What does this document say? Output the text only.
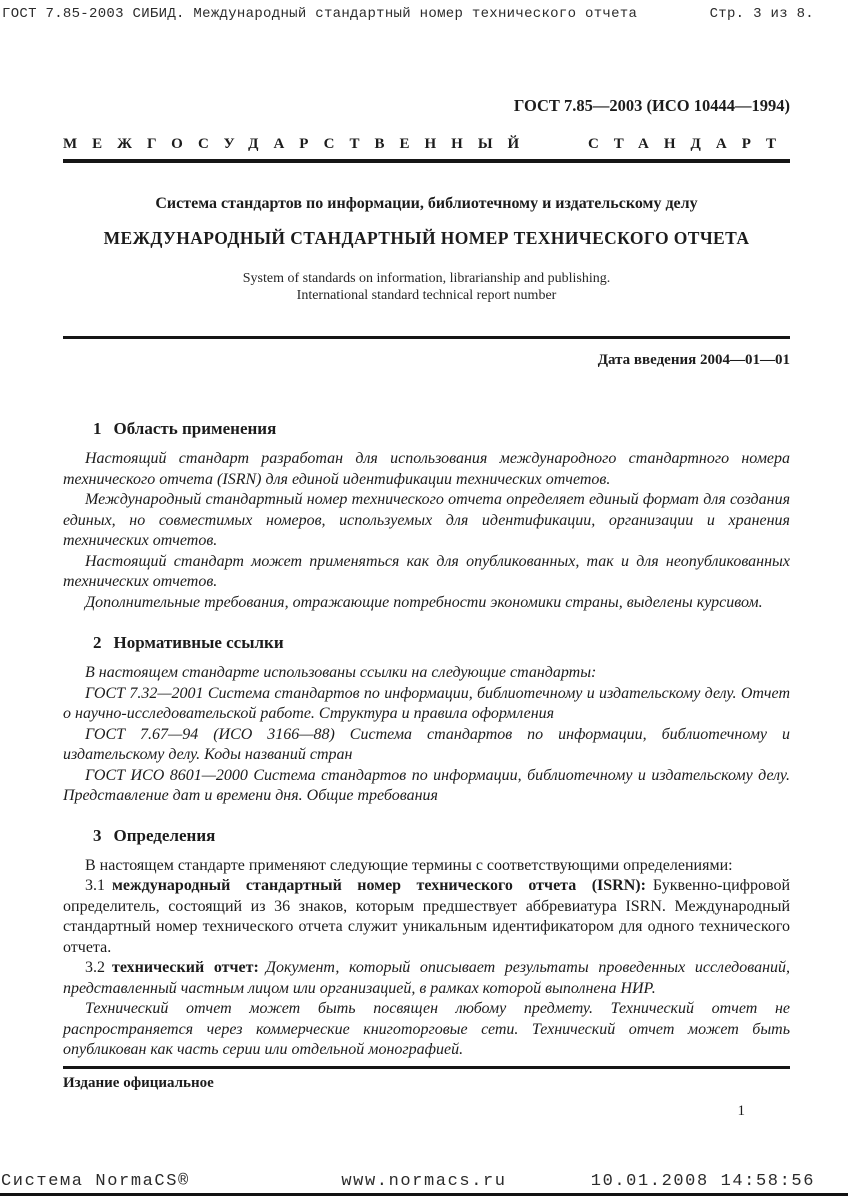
ГОСТ 7.85-2003 СИБИД. Международный стандартный номер технического отчета	Стр. 3 из 8.
ГОСТ 7.85—2003 (ИСО 10444—1994)
МЕЖГОСУДАРСТВЕННЫЙ СТАНДАРТ
Система стандартов по информации, библиотечному и издательскому делу
МЕЖДУНАРОДНЫЙ СТАНДАРТНЫЙ НОМЕР ТЕХНИЧЕСКОГО ОТЧЕТА
System of standards on information, librarianship and publishing.
International standard technical report number
Дата введения 2004—01—01
1 Область применения

Настоящий стандарт разработан для использования международного стандартного номера технического отчета (ISRN) для единой идентификации технических отчетов.

Международный стандартный номер технического отчета определяет единый формат для создания единых, но совместимых номеров, используемых для идентификации, организации и хранения технических отчетов.

Настоящий стандарт может применяться как для опубликованных, так и для неопубликованных технических отчетов.

Дополнительные требования, отражающие потребности экономики страны, выделены курсивом.

2 Нормативные ссылки

В настоящем стандарте использованы ссылки на следующие стандарты:

ГОСТ 7.32—2001 Система стандартов по информации, библиотечному и издательскому делу. Отчет о научно-исследовательской работе. Структура и правила оформления

ГОСТ 7.67—94 (ИСО 3166—88) Система стандартов по информации, библиотечному и издательскому делу. Коды названий стран

ГОСТ ИСО 8601—2000 Система стандартов по информации, библиотечному и издательскому делу. Представление дат и времени дня. Общие требования

3 Определения

В настоящем стандарте применяют следующие термины с соответствующими определениями:

3.1 международный стандартный номер технического отчета (ISRN): Буквенно-цифровой определитель, состоящий из 36 знаков, которым предшествует аббревиатура ISRN. Международный стандартный номер технического отчета служит уникальным идентификатором для одного технического отчета.

3.2 технический отчет: Документ, который описывает результаты проведенных исследований, представленный частным лицом или организацией, в рамках которой выполнена НИР.

Технический отчет может быть посвящен любому предмету. Технический отчет не распространяется через коммерческие книготорговые сети. Технический отчет может быть опубликован как часть серии или отдельной монографией.

Издание официальное
1
Система NormaCS®	www.normacs.ru	10.01.2008 14:58:56
